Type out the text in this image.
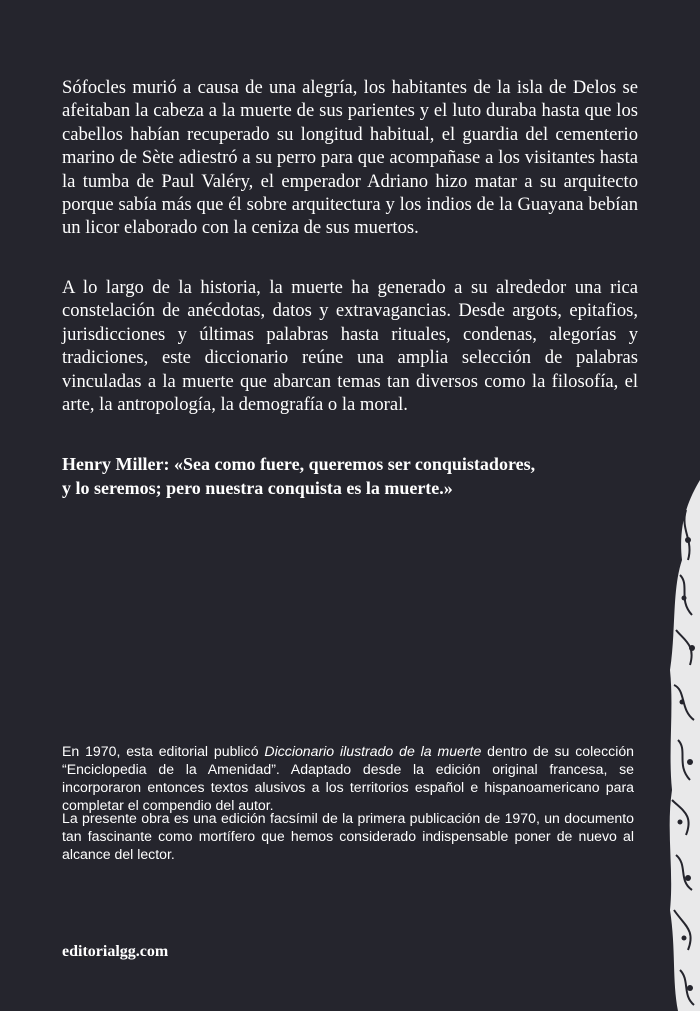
Sófocles murió a causa de una alegría, los habitantes de la isla de Delos se afeitaban la cabeza a la muerte de sus parientes y el luto duraba hasta que los cabellos habían recuperado su longitud habitual, el guardia del cementerio marino de Sète adiestró a su perro para que acompañase a los visitantes hasta la tumba de Paul Valéry, el emperador Adriano hizo matar a su arquitecto porque sabía más que él sobre arquitectura y los indios de la Guayana bebían un licor elaborado con la ceniza de sus muertos.

A lo largo de la historia, la muerte ha generado a su alrededor una rica constelación de anécdotas, datos y extravagancias. Desde argots, epitafios, jurisdicciones y últimas palabras hasta rituales, condenas, alegorías y tradiciones, este diccionario reúne una amplia selección de palabras vinculadas a la muerte que abarcan temas tan diversos como la filosofía, el arte, la antropología, la demografía o la moral.

Henry Miller: «Sea como fuere, queremos ser conquistadores,
y lo seremos; pero nuestra conquista es la muerte.»

En 1970, esta editorial publicó Diccionario ilustrado de la muerte dentro de su colección “Enciclopedia de la Amenidad”. Adaptado desde la edición original francesa, se incorporaron entonces textos alusivos a los territorios español e hispanoamericano para completar el compendio del autor.

La presente obra es una edición facsímil de la primera publicación de 1970, un documento tan fascinante como mortífero que hemos considerado indispensable poner de nuevo al alcance del lector.

editorialgg.com
